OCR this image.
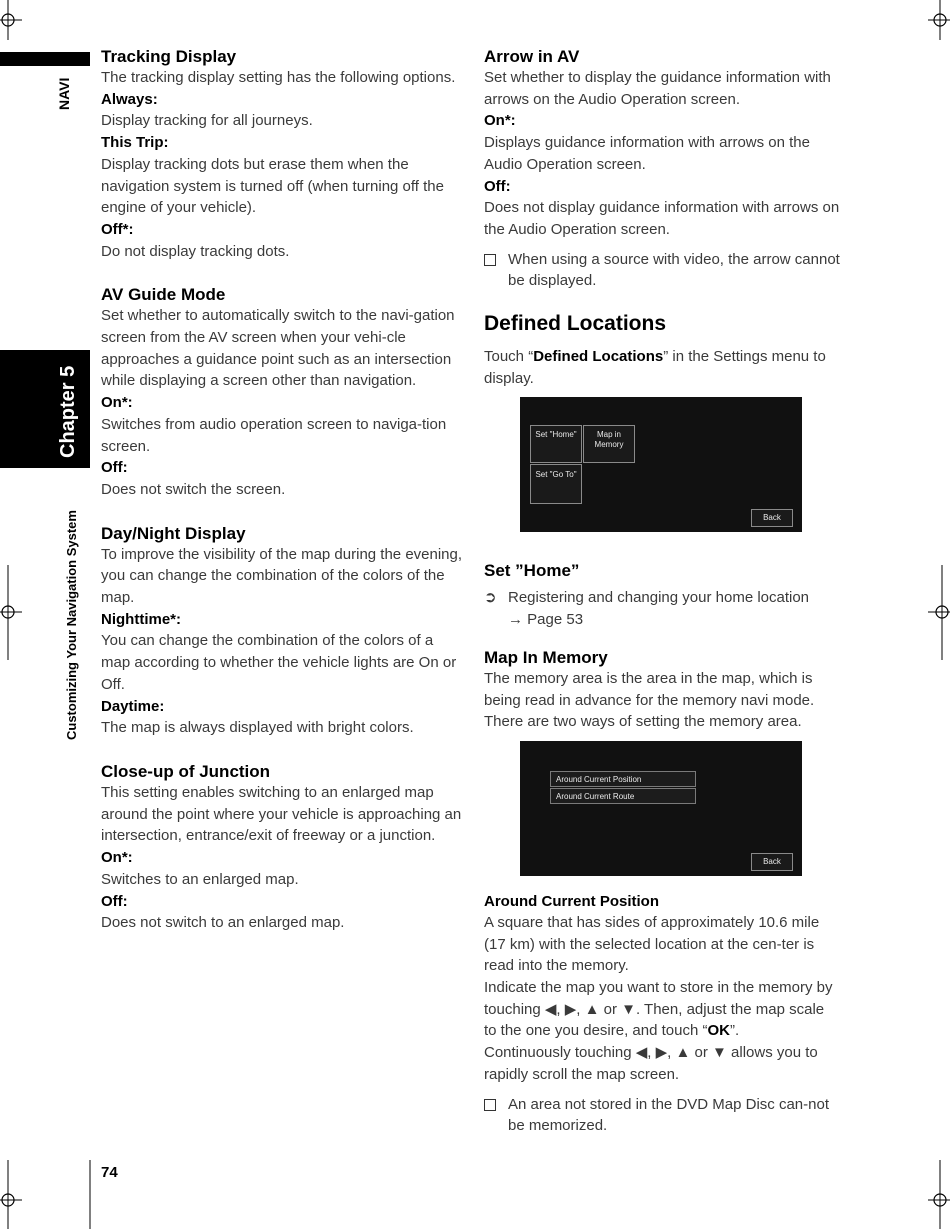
NAVI
Chapter 5
Customizing Your Navigation System
Tracking Display
The tracking display setting has the following options.
Always:
Display tracking for all journeys.
This Trip:
Display tracking dots but erase them when the navigation system is turned off (when turning off the engine of your vehicle).
Off*:
Do not display tracking dots.
AV Guide Mode
Set whether to automatically switch to the navi-gation screen from the AV screen when your vehi-cle approaches a guidance point such as an intersection while displaying a screen other than navigation.
On*:
Switches from audio operation screen to naviga-tion screen.
Off:
Does not switch the screen.
Day/Night Display
To improve the visibility of the map during the evening, you can change the combination of the colors of the map.
Nighttime*:
You can change the combination of the colors of a map according to whether the vehicle lights are On or Off.
Daytime:
The map is always displayed with bright colors.
Close-up of Junction
This setting enables switching to an enlarged map around the point where your vehicle is approaching an intersection, entrance/exit of freeway or a junction.
On*:
Switches to an enlarged map.
Off:
Does not switch to an enlarged map.
Arrow in AV
Set whether to display the guidance information with arrows on the Audio Operation screen.
On*:
Displays guidance information with arrows on the Audio Operation screen.
Off:
Does not display guidance information with arrows on the Audio Operation screen.
When using a source with video, the arrow cannot be displayed.
Defined Locations
Touch “Defined Locations” in the Settings menu to display.
Set "Home"	Map in Memory
Set "Go To"
Back
Set ”Home”
➲ Registering and changing your home location
→ Page 53
Map In Memory
The memory area is the area in the map, which is being read in advance for the memory navi mode. There are two ways of setting the memory area.
Around Current Position
Around Current Route
Back
Around Current Position
A square that has sides of approximately 10.6 mile (17 km) with the selected location at the cen-ter is read into the memory.
Indicate the map you want to store in the memory by touching ◀, ▶, ▲ or ▼. Then, adjust the map scale to the one you desire, and touch “OK”.
Continuously touching ◀, ▶, ▲ or ▼ allows you to rapidly scroll the map screen.
An area not stored in the DVD Map Disc can-not be memorized.
74
